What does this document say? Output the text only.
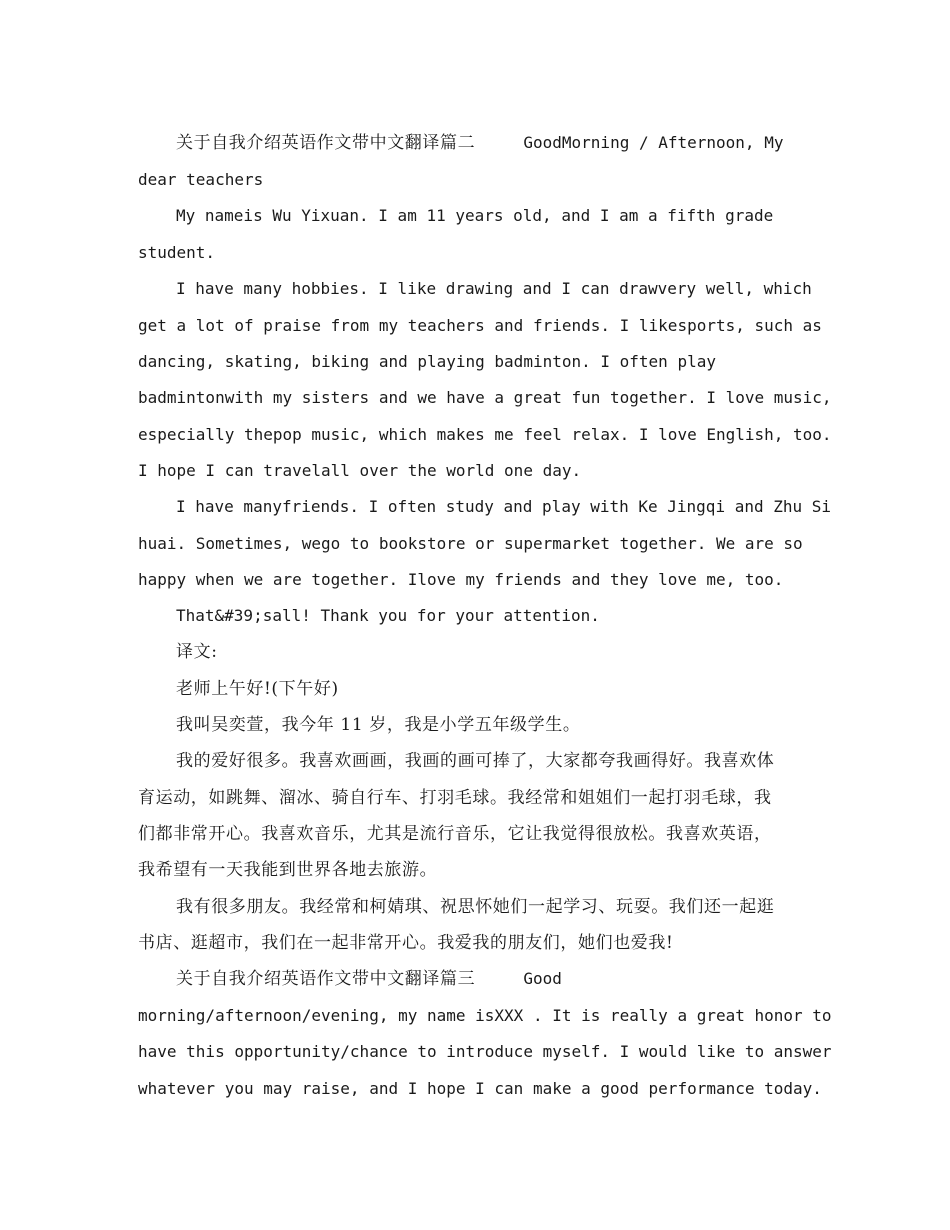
关于自我介绍英语作文带中文翻译篇二     GoodMorning / Afternoon, My
dear teachers
My nameis Wu Yixuan. I am 11 years old, and I am a fifth grade
student.
I have many hobbies. I like drawing and I can drawvery well, which
get a lot of praise from my teachers and friends. I likesports, such as
dancing, skating, biking and playing badminton. I often play
badmintonwith my sisters and we have a great fun together. I love music,
especially thepop music, which makes me feel relax. I love English, too.
I hope I can travelall over the world one day.
I have manyfriends. I often study and play with Ke Jingqi and Zhu Si
huai. Sometimes, wego to bookstore or supermarket together. We are so
happy when we are together. Ilove my friends and they love me, too.
That&#39;sall! Thank you for your attention.
译文:
老师上午好!(下午好)
我叫吴奕萱，我今年 11 岁，我是小学五年级学生。
我的爱好很多。我喜欢画画，我画的画可捧了，大家都夸我画得好。我喜欢体
育运动，如跳舞、溜冰、骑自行车、打羽毛球。我经常和姐姐们一起打羽毛球，我
们都非常开心。我喜欢音乐，尤其是流行音乐，它让我觉得很放松。我喜欢英语，
我希望有一天我能到世界各地去旅游。
我有很多朋友。我经常和柯婧琪、祝思怀她们一起学习、玩耍。我们还一起逛
书店、逛超市，我们在一起非常开心。我爱我的朋友们，她们也爱我!
关于自我介绍英语作文带中文翻译篇三     Good
morning/afternoon/evening, my name isXXX . It is really a great honor to
have this opportunity/chance to introduce myself. I would like to answer
whatever you may raise, and I hope I can make a good performance today.
